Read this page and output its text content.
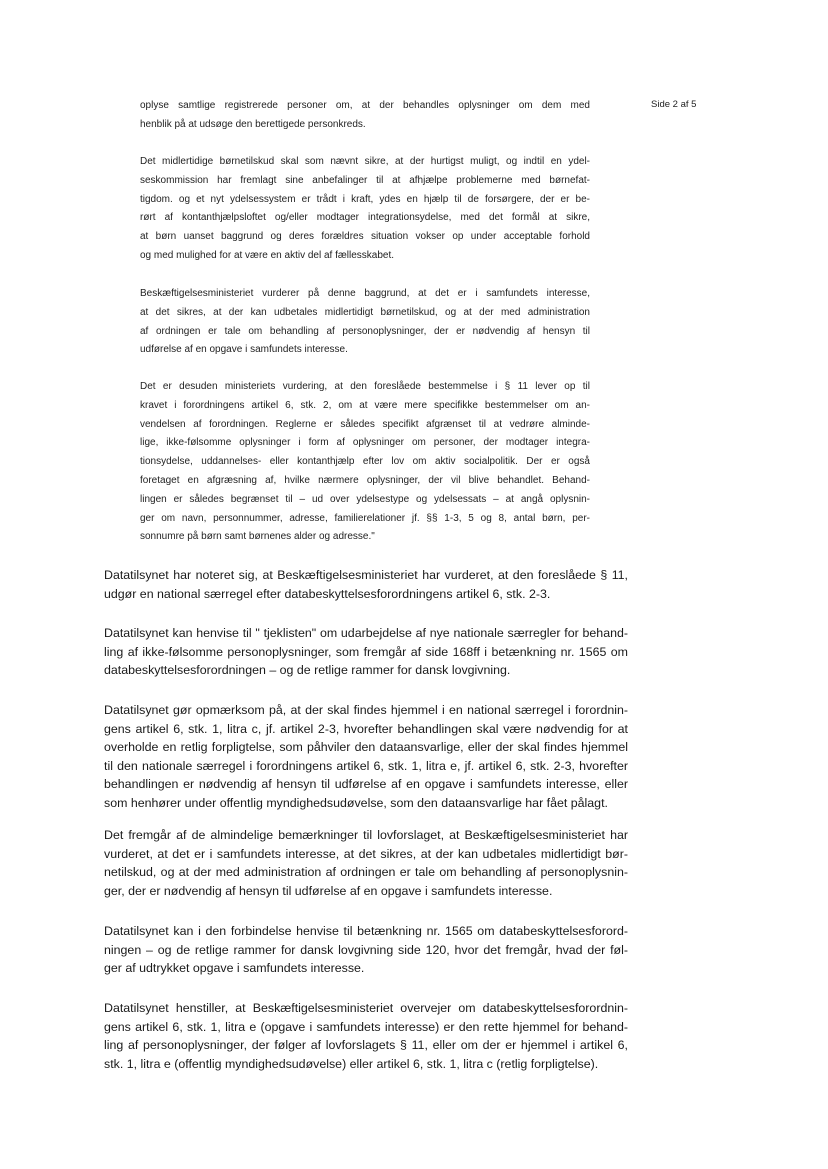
Side 2 af 5

oplyse samtlige registrerede personer om, at der behandles oplysninger om dem med
henblik på at udsøge den berettigede personkreds.

Det midlertidige børnetilskud skal som nævnt sikre, at der hurtigst muligt, og indtil en ydel-
seskommission har fremlagt sine anbefalinger til at afhjælpe problemerne med børnefat-
tigdom. og et nyt ydelsessystem er trådt i kraft, ydes en hjælp til de forsørgere, der er be-
rørt af kontanthjælpsloftet og/eller modtager integrationsydelse, med det formål at sikre,
at børn uanset baggrund og deres forældres situation vokser op under acceptable forhold
og med mulighed for at være en aktiv del af fællesskabet.

Beskæftigelsesministeriet vurderer på denne baggrund, at det er i samfundets interesse,
at det sikres, at der kan udbetales midlertidigt børnetilskud, og at der med administration
af ordningen er tale om behandling af personoplysninger, der er nødvendig af hensyn til
udførelse af en opgave i samfundets interesse.

Det er desuden ministeriets vurdering, at den foreslåede bestemmelse i § 11 lever op til
kravet i forordningens artikel 6, stk. 2, om at være mere specifikke bestemmelser om an-
vendelsen af forordningen. Reglerne er således specifikt afgrænset til at vedrøre alminde-
lige, ikke-følsomme oplysninger i form af oplysninger om personer, der modtager integra-
tionsydelse, uddannelses- eller kontanthjælp efter lov om aktiv socialpolitik. Der er også
foretaget en afgræsning af, hvilke nærmere oplysninger, der vil blive behandlet. Behand-
lingen er således begrænset til – ud over ydelsestype og ydelsessats – at angå oplysnin-
ger om navn, personnummer, adresse, familierelationer jf. §§ 1-3, 5 og 8, antal børn, per-
sonnumre på børn samt børnenes alder og adresse."

Datatilsynet har noteret sig, at Beskæftigelsesministeriet har vurderet, at den foreslåede § 11,
udgør en national særregel efter databeskyttelsesforordningens artikel 6, stk. 2-3.

Datatilsynet kan henvise til " tjeklisten" om udarbejdelse af nye nationale særregler for behand-
ling af ikke-følsomme personoplysninger, som fremgår af side 168ff i betænkning nr. 1565 om
databeskyttelsesforordningen – og de retlige rammer for dansk lovgivning.

Datatilsynet gør opmærksom på, at der skal findes hjemmel i en national særregel i forordnin-
gens artikel 6, stk. 1, litra c, jf. artikel 2-3, hvorefter behandlingen skal være nødvendig for at
overholde en retlig forpligtelse, som påhviler den dataansvarlige, eller der skal findes hjemmel
til den nationale særregel i forordningens artikel 6, stk. 1, litra e, jf. artikel 6, stk. 2-3, hvorefter
behandlingen er nødvendig af hensyn til udførelse af en opgave i samfundets interesse, eller
som henhører under offentlig myndighedsudøvelse, som den dataansvarlige har fået pålagt.

Det fremgår af de almindelige bemærkninger til lovforslaget, at Beskæftigelsesministeriet har
vurderet, at det er i samfundets interesse, at det sikres, at der kan udbetales midlertidigt bør-
netilskud, og at der med administration af ordningen er tale om behandling af personoplysnin-
ger, der er nødvendig af hensyn til udførelse af en opgave i samfundets interesse.

Datatilsynet kan i den forbindelse henvise til betænkning nr. 1565 om databeskyttelsesforord-
ningen – og de retlige rammer for dansk lovgivning side 120, hvor det fremgår, hvad der føl-
ger af udtrykket opgave i samfundets interesse.

Datatilsynet henstiller, at Beskæftigelsesministeriet overvejer om databeskyttelsesforordnin-
gens artikel 6, stk. 1, litra e (opgave i samfundets interesse) er den rette hjemmel for behand-
ling af personoplysninger, der følger af lovforslagets § 11, eller om der er hjemmel i artikel 6,
stk. 1, litra e (offentlig myndighedsudøvelse) eller artikel 6, stk. 1, litra c (retlig forpligtelse).
